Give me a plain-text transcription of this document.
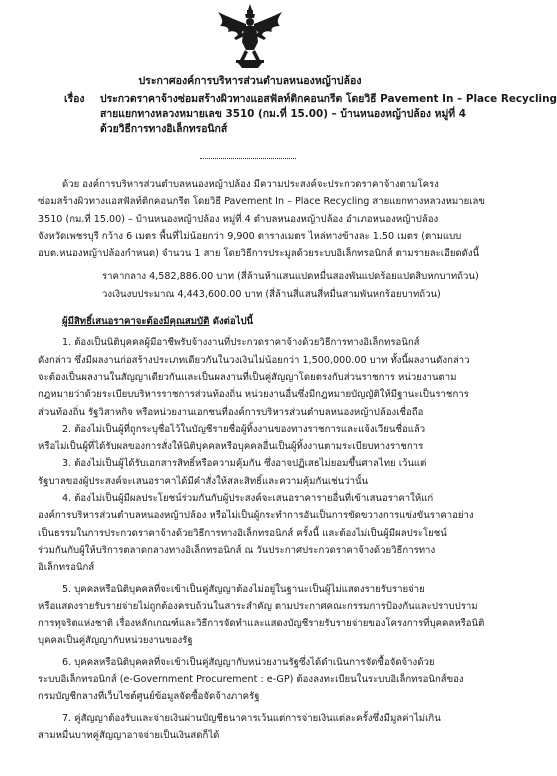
ประกาศองค์การบริหารส่วนตำบลหนองหญ้าปล้อง
เรื่อง	ประกวดราคาจ้างซ่อมสร้างผิวทางแอสฟัลท์ติกคอนกรีต โดยวิธี Pavement In – Place Recycling
สายแยกทางหลวงหมายเลข 3510 (กม.ที่ 15.00) – บ้านหนองหญ้าปล้อง หมู่ที่ 4
ด้วยวิธีการทางอิเล็กทรอนิกส์
ด้วย องค์การบริหารส่วนตำบลหนองหญ้าปล้อง มีความประสงค์จะประกวดราคาจ้างตามโครง
ซ่อมสร้างผิวทางแอสฟัลท์ติกคอนกรีต โดยวิธี Pavement In – Place Recycling สายแยกทางหลวงหมายเลข
3510 (กม.ที่ 15.00) – บ้านหนองหญ้าปล้อง หมู่ที่ 4 ตำบลหนองหญ้าปล้อง อำเภอหนองหญ้าปล้อง
จังหวัดเพชรบุรี กว้าง 6 เมตร พื้นที่ไม่น้อยกว่า 9,900 ตารางเมตร ไหล่ทางข้างละ 1.50 เมตร (ตามแบบ
อบต.หนองหญ้าปล้องกำหนด) จำนวน 1 สาย โดยวิธีการประมูลด้วยระบบอิเล็กทรอนิกส์ ตามรายละเอียดดังนี้
ราคากลาง 4,582,886.00 บาท (สี่ล้านห้าแสนแปดหมื่นสองพันแปดร้อยแปดสิบหกบาทถ้วน)
วงเงินงบประมาณ 4,443,600.00 บาท (สี่ล้านสี่แสนสี่หมื่นสามพันหกร้อยบาทถ้วน)
ผู้มีสิทธิ์เสนอราคาจะต้องมีคุณสมบัติ ดังต่อไปนี้
1. ต้องเป็นนิติบุคคลผู้มีอาชีพรับจ้างงานที่ประกวดราคาจ้างด้วยวิธีการทางอิเล็กทรอนิกส์
ดังกล่าว ซึ่งมีผลงานก่อสร้างประเภทเดียวกันในวงเงินไม่น้อยกว่า 1,500,000.00 บาท ทั้งนี้ผลงานดังกล่าว
จะต้องเป็นผลงานในสัญญาเดียวกันและเป็นผลงานที่เป็นคู่สัญญาโดยตรงกับส่วนราชการ หน่วยงานตาม
กฎหมายว่าด้วยระเบียบบริหารราชการส่วนท้องถิ่น หน่วยงานอื่นซึ่งมีกฎหมายบัญญัติให้มีฐานะเป็นราชการ
ส่วนท้องถิ่น รัฐวิสาหกิจ หรือหน่วยงานเอกชนที่องค์การบริหารส่วนตำบลหนองหญ้าปล้องเชื่อถือ
2. ต้องไม่เป็นผู้ที่ถูกระบุชื่อไว้ในบัญชีรายชื่อผู้ทิ้งงานของทางราชการและแจ้งเวียนชื่อแล้ว
หรือไม่เป็นผู้ที่ได้รับผลของการสั่งให้นิติบุคคลหรือบุคคลอื่นเป็นผู้ทิ้งงานตามระเบียบทางราชการ
3. ต้องไม่เป็นผู้ได้รับเอกสารสิทธิ์หรือความคุ้มกัน ซึ่งอาจปฏิเสธไม่ยอมขึ้นศาลไทย เว้นแต่
รัฐบาลของผู้ประสงค์จะเสนอราคาได้มีคำสั่งให้สละสิทธิ์และความคุ้มกันเช่นว่านั้น
4. ต้องไม่เป็นผู้มีผลประโยชน์ร่วมกันกับผู้ประสงค์จะเสนอราคารายอื่นที่เข้าเสนอราคาให้แก่
องค์การบริหารส่วนตำบลหนองหญ้าปล้อง หรือไม่เป็นผู้กระทำการอันเป็นการขัดขวางการแข่งขันราคาอย่าง
เป็นธรรมในการประกวดราคาจ้างด้วยวิธีการทางอิเล็กทรอนิกส์ ครั้งนี้ และต้องไม่เป็นผู้มีผลประโยชน์
ร่วมกันกับผู้ให้บริการตลาดกลางทางอิเล็กทรอนิกส์ ณ วันประกาศประกวดราคาจ้างด้วยวิธีการทาง
อิเล็กทรอนิกส์
5. บุคคลหรือนิติบุคคลที่จะเข้าเป็นคู่สัญญาต้องไม่อยู่ในฐานะเป็นผู้ไม่แสดงรายรับรายจ่าย
หรือแสดงรายรับรายจ่ายไม่ถูกต้องครบถ้วนในสาระสำคัญ ตามประกาศคณะกรรมการป้องกันและปราบปราม
การทุจริตแห่งชาติ เรื่องหลักเกณฑ์และวิธีการจัดทำและแสดงบัญชีรายรับรายจ่ายของโครงการที่บุคคลหรือนิติ
บุคคลเป็นคู่สัญญากับหน่วยงานของรัฐ
6. บุคคลหรือนิติบุคคลที่จะเข้าเป็นคู่สัญญากับหน่วยงานรัฐซึ่งได้ดำเนินการจัดซื้อจัดจ้างด้วย
ระบบอิเล็กทรอนิกส์ (e-Government Procurement : e-GP) ต้องลงทะเบียนในระบบอิเล็กทรอนิกส์ของ
กรมบัญชีกลางที่เว็บไซต์ศูนย์ข้อมูลจัดซื้อจัดจ้างภาครัฐ
7. คู่สัญญาต้องรับและจ่ายเงินผ่านบัญชีธนาคารเว้นแต่การจ่ายเงินแต่ละครั้งซึ่งมีมูลค่าไม่เกิน
สามหมื่นบาทคู่สัญญาอาจจ่ายเป็นเงินสดก็ได้
